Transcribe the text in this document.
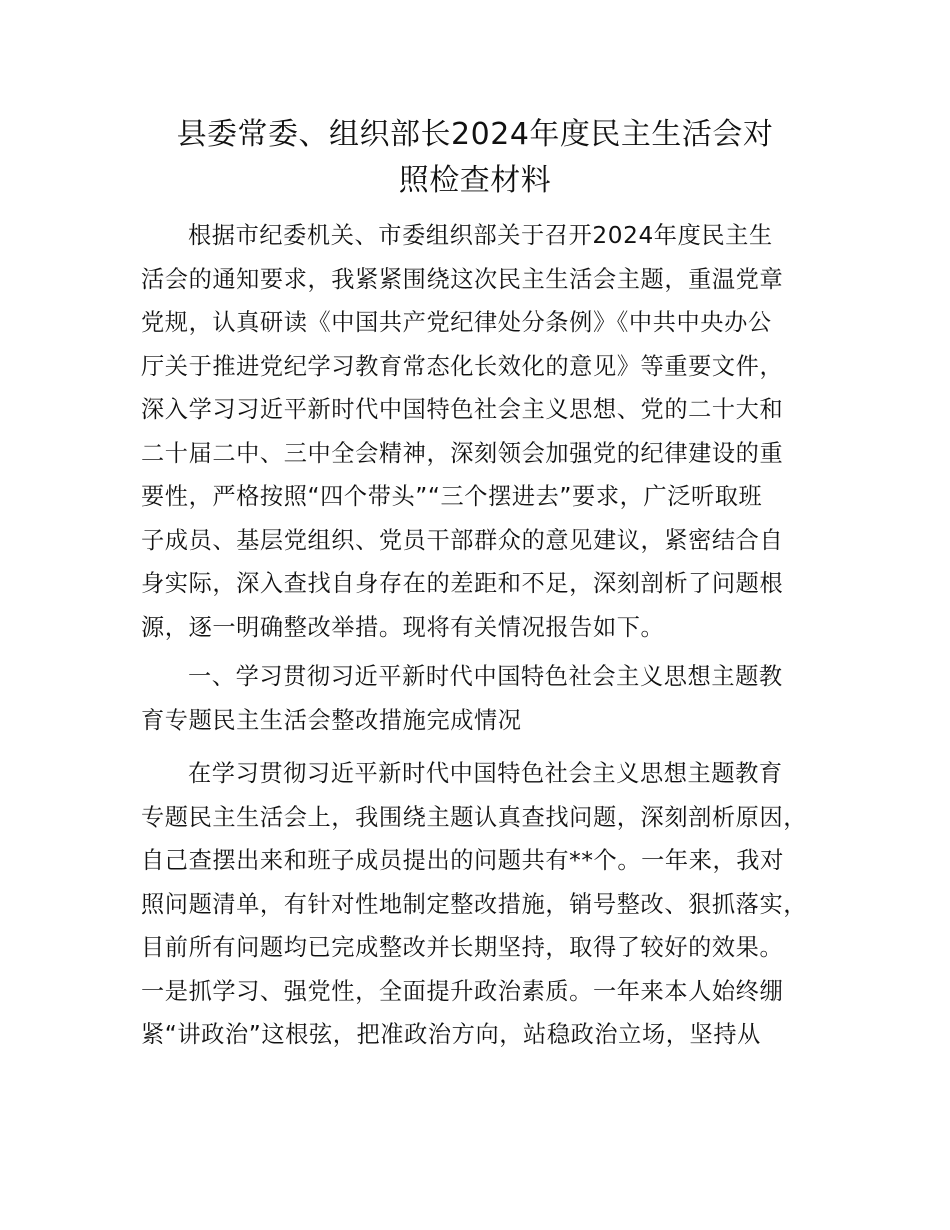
县委常委、组织部长2024年度民主生活会对
照检查材料
根据市纪委机关、市委组织部关于召开2024年度民主生
活会的通知要求，我紧紧围绕这次民主生活会主题，重温党章
党规，认真研读《中国共产党纪律处分条例》《中共中央办公
厅关于推进党纪学习教育常态化长效化的意见》等重要文件，
深入学习习近平新时代中国特色社会主义思想、党的二十大和
二十届二中、三中全会精神，深刻领会加强党的纪律建设的重
要性，严格按照“四个带头”“三个摆进去”要求，广泛听取班
子成员、基层党组织、党员干部群众的意见建议，紧密结合自
身实际，深入查找自身存在的差距和不足，深刻剖析了问题根
源，逐一明确整改举措。现将有关情况报告如下。
一、学习贯彻习近平新时代中国特色社会主义思想主题教
育专题民主生活会整改措施完成情况
在学习贯彻习近平新时代中国特色社会主义思想主题教育
专题民主生活会上，我围绕主题认真查找问题，深刻剖析原因，
自己查摆出来和班子成员提出的问题共有**个。一年来，我对
照问题清单，有针对性地制定整改措施，销号整改、狠抓落实，
目前所有问题均已完成整改并长期坚持，取得了较好的效果。
一是抓学习、强党性，全面提升政治素质。一年来本人始终绷
紧“讲政治”这根弦，把准政治方向，站稳政治立场，坚持从
